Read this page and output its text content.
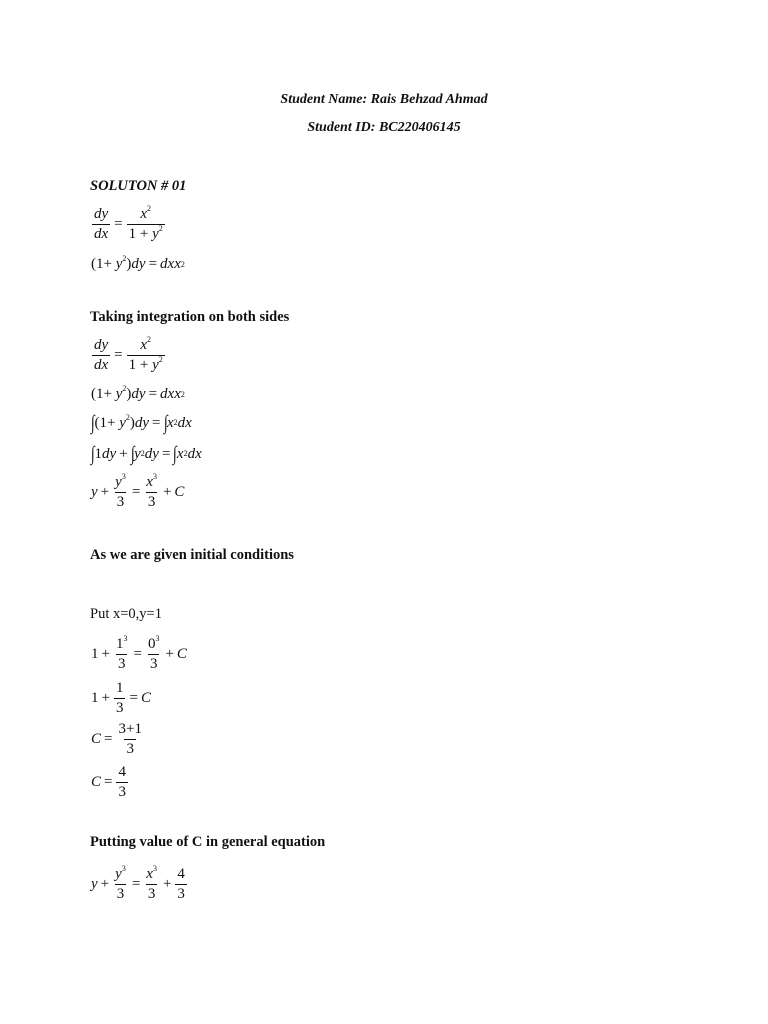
Student Name: Rais Behzad Ahmad
Student ID: BC220406145
SOLUTON # 01
$\frac{dy}{dx} = \frac{x^2}{1 + y^2}$
$(1+ y^2)dy$ = dxx 2
Taking integration on both sides
$\frac{dy}{dx} = \frac{x^2}{1 + y^2}$
$(1+ y^2)dy$ = dxx 2
∫ $(1+ y^2)dy$ = ∫ x 2 dx
∫ 1dy + ∫ y 2 dy = ∫ x 2 dx
$y + \frac{y^3}{3} = \frac{x^3}{3} + C$
As we are given initial conditions
Put x=0,y=1
$1 + \frac{1^3}{3} = \frac{0^3}{3} + C$
$1 + \frac{1}{3} = C$
$C = \frac{3+1}{3}$
$C = \frac{4}{3}$
Putting value of C in general equation
$y + \frac{y^3}{3} = \frac{x^3}{3} + \frac{4}{3}$
